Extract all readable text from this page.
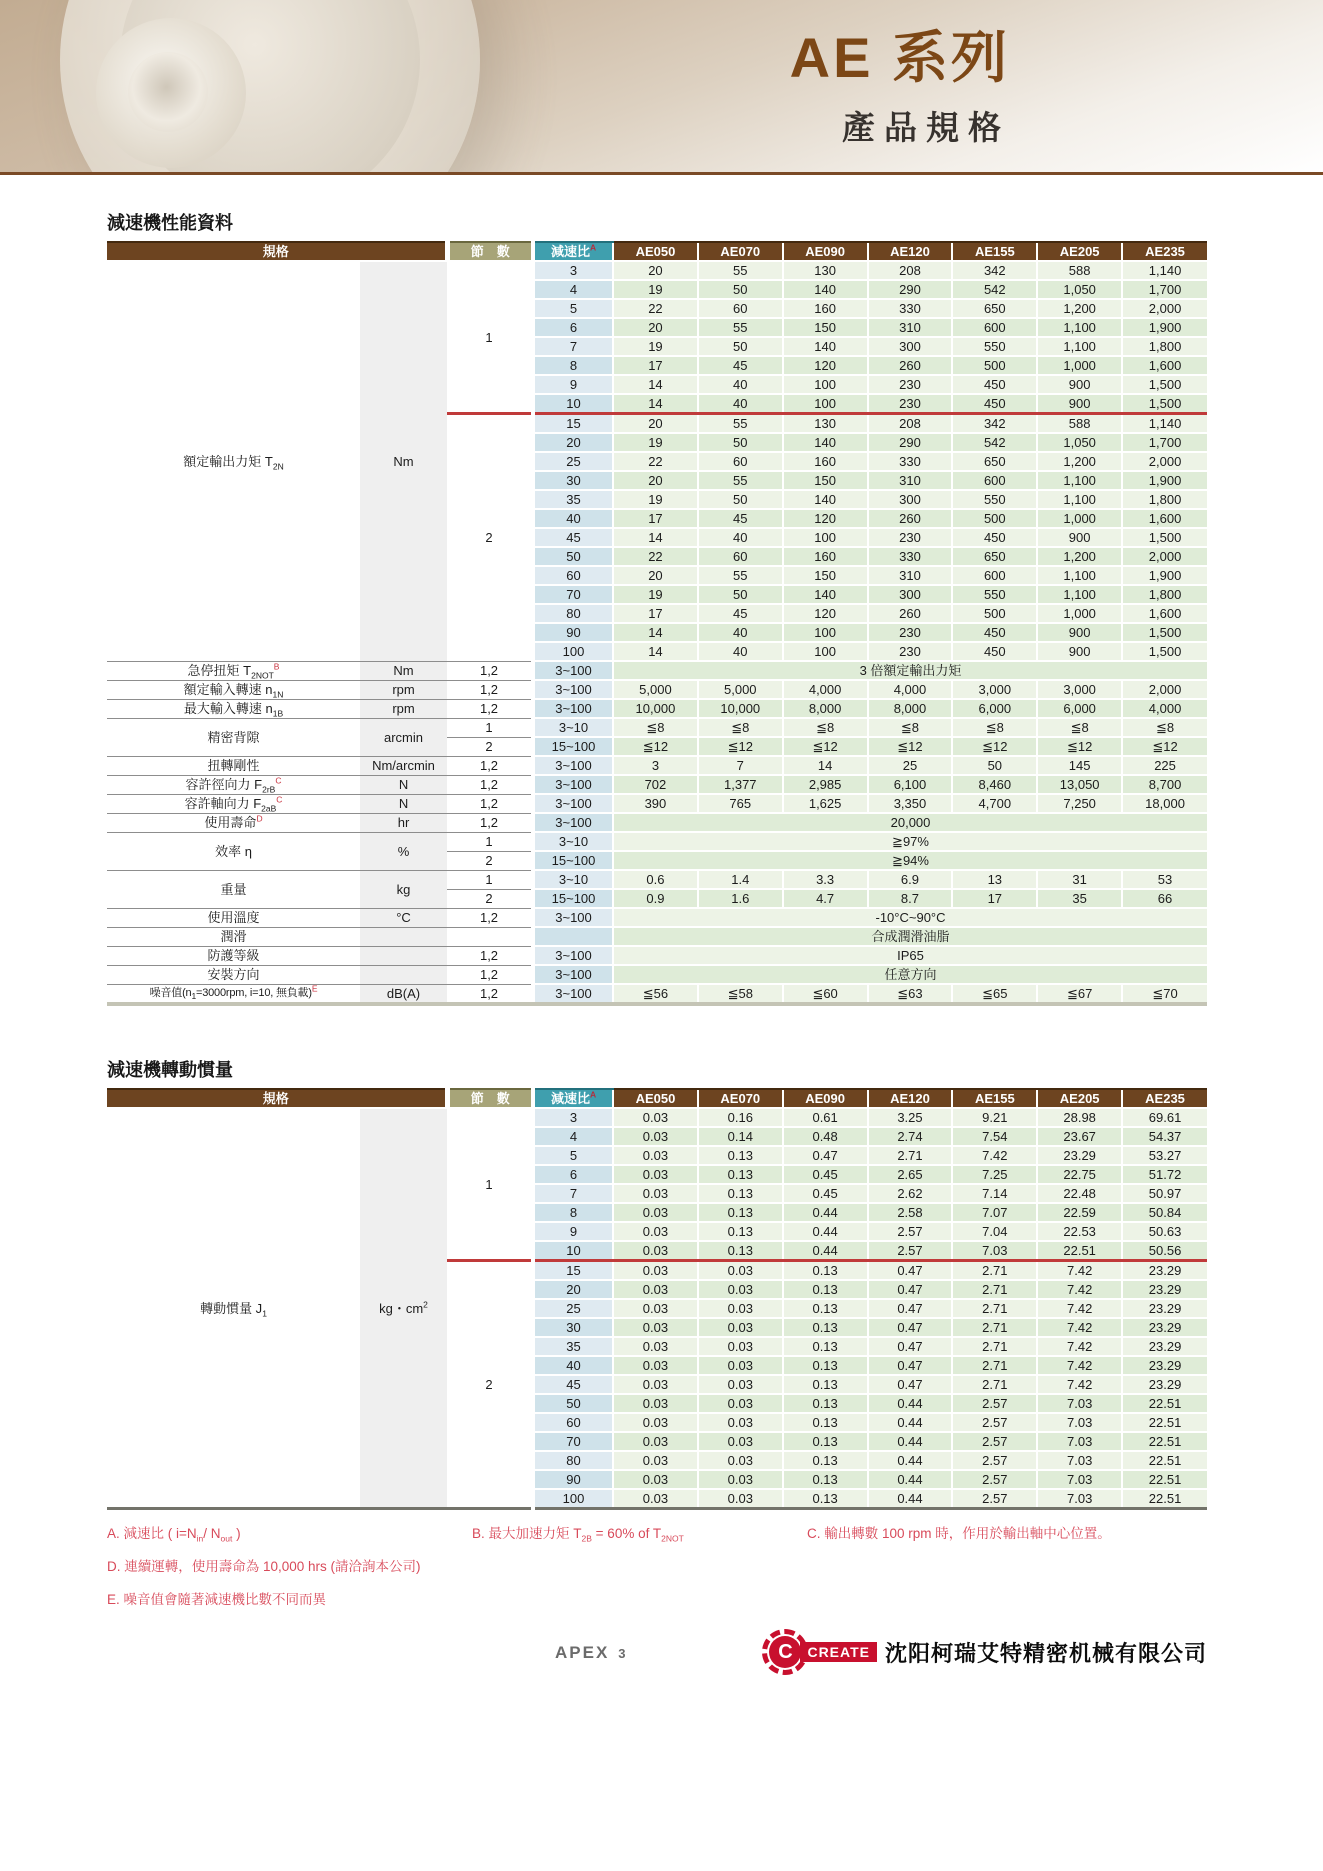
AE 系列
產品規格
減速機性能資料
規格		節　數	減速比$^A$	AE050	AE070	AE090	AE120	AE155	AE205	AE235
額定輸出力矩 $T_{2N}$	Nm	1	3	20	55	130	208	342	588	1,140
			4	19	50	140	290	542	1,050	1,700
			5	22	60	160	330	650	1,200	2,000
			6	20	55	150	310	600	1,100	1,900
			7	19	50	140	300	550	1,100	1,800
			8	17	45	120	260	500	1,000	1,600
			9	14	40	100	230	450	900	1,500
			10	14	40	100	230	450	900	1,500
		2	15	20	55	130	208	342	588	1,140
			20	19	50	140	290	542	1,050	1,700
			25	22	60	160	330	650	1,200	2,000
			30	20	55	150	310	600	1,100	1,900
			35	19	50	140	300	550	1,100	1,800
			40	17	45	120	260	500	1,000	1,600
			45	14	40	100	230	450	900	1,500
			50	22	60	160	330	650	1,200	2,000
			60	20	55	150	310	600	1,100	1,900
			70	19	50	140	300	550	1,100	1,800
			80	17	45	120	260	500	1,000	1,600
			90	14	40	100	230	450	900	1,500
			100	14	40	100	230	450	900	1,500
急停扭矩 $T_{2NOT}^B$	Nm	1,2	3~100	3 倍額定輸出力矩						
額定輸入轉速 $n_{1N}$	rpm	1,2	3~100	5,000	5,000	4,000	4,000	3,000	3,000	2,000
最大輸入轉速 $n_{1B}$	rpm	1,2	3~100	10,000	10,000	8,000	8,000	6,000	6,000	4,000
精密背隙	arcmin	1	3~10	≦8	≦8	≦8	≦8	≦8	≦8	≦8
		2	15~100	≦12	≦12	≦12	≦12	≦12	≦12	≦12
扭轉剛性	Nm/arcmin	1,2	3~100	3	7	14	25	50	145	225
容許徑向力 $F_{2rB}^C$	N	1,2	3~100	702	1,377	2,985	6,100	8,460	13,050	8,700
容許軸向力 $F_{2aB}^C$	N	1,2	3~100	390	765	1,625	3,350	4,700	7,250	18,000
使用壽命$^D$	hr	1,2	3~100	20,000						
效率 η	%	1	3~10	≧97%						
		2	15~100	≧94%						
重量	kg	1	3~10	0.6	1.4	3.3	6.9	13	31	53
		2	15~100	0.9	1.6	4.7	8.7	17	35	66
使用溫度	°C	1,2	3~100	-10°C~90°C						
潤滑				合成潤滑油脂						
防護等級		1,2	3~100	IP65						
安裝方向		1,2	3~100	任意方向						
噪音值($n_1=3000rpm$, i=10, 無負載)$^E$	dB(A)	1,2	3~100	≦56	≦58	≦60	≦63	≦65	≦67	≦70
減速機轉動慣量
規格		節　數	減速比$^A$	AE050	AE070	AE090	AE120	AE155	AE205	AE235
轉動慣量 $J_1$	kg・$cm^2$	1	3	0.03	0.16	0.61	3.25	9.21	28.98	69.61
			4	0.03	0.14	0.48	2.74	7.54	23.67	54.37
			5	0.03	0.13	0.47	2.71	7.42	23.29	53.27
			6	0.03	0.13	0.45	2.65	7.25	22.75	51.72
			7	0.03	0.13	0.45	2.62	7.14	22.48	50.97
			8	0.03	0.13	0.44	2.58	7.07	22.59	50.84
			9	0.03	0.13	0.44	2.57	7.04	22.53	50.63
			10	0.03	0.13	0.44	2.57	7.03	22.51	50.56
		2	15	0.03	0.03	0.13	0.47	2.71	7.42	23.29
			20	0.03	0.03	0.13	0.47	2.71	7.42	23.29
			25	0.03	0.03	0.13	0.47	2.71	7.42	23.29
			30	0.03	0.03	0.13	0.47	2.71	7.42	23.29
			35	0.03	0.03	0.13	0.47	2.71	7.42	23.29
			40	0.03	0.03	0.13	0.47	2.71	7.42	23.29
			45	0.03	0.03	0.13	0.47	2.71	7.42	23.29
			50	0.03	0.03	0.13	0.44	2.57	7.03	22.51
			60	0.03	0.03	0.13	0.44	2.57	7.03	22.51
			70	0.03	0.03	0.13	0.44	2.57	7.03	22.51
			80	0.03	0.03	0.13	0.44	2.57	7.03	22.51
			90	0.03	0.03	0.13	0.44	2.57	7.03	22.51
			100	0.03	0.03	0.13	0.44	2.57	7.03	22.51
A. 減速比 ( $i=N_{in}/$ $N_{out}$ )	B. 最大加速力矩 $T_{2B} = 60\%$ of $T_{2NOT}$	C. 輸出轉數 100 rpm 時，作用於輸出軸中心位置。
D. 連續運轉，使用壽命為 10,000 hrs (請洽詢本公司)
E. 噪音值會隨著減速機比數不同而異
APEX 3	C	CREATE 沈阳柯瑞艾特精密机械有限公司
